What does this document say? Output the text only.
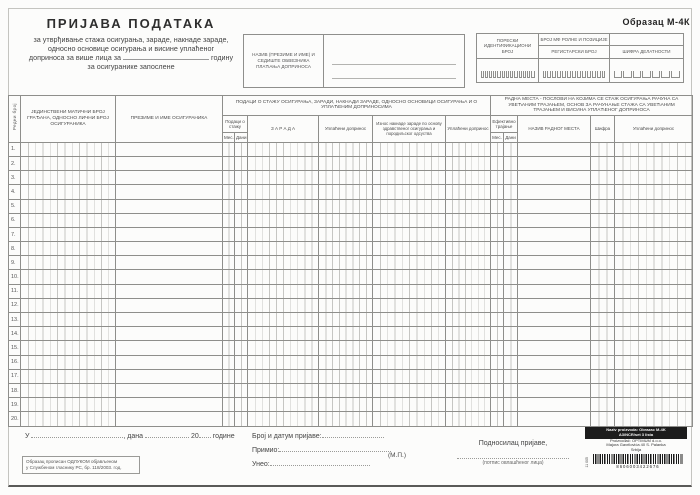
ПРИЈАВА ПОДАТАКА
за утврђивање стажа осигурања, зараде, накнаде зараде,
односно основице осигурања и висине уплаћеног
доприноса за више лица за	годину
за осигуранике запослене
НАЗИВ (ПРЕЗИМЕ И ИМЕ) И СЕДИШТЕ ОБВЕЗНИКА ПЛАЋАЊА ДОПРИНОСА
Образац М-4К
ПОРЕСКИ ИДЕНТИФИКАЦИОНИ БРОЈ
БРОЈ МФ РОЛНЕ И ПОЗИЦИЈЕ
РЕГИСТАРСКИ БРОЈ	ШИФРА ДЕЛАТНОСТИ
Редни број	ЈЕДИНСТВЕНИ МАТИЧНИ БРОЈ ГРАЂАНА, ОДНОСНО ЛИЧНИ БРОЈ ОСИГУРАНИКА	ПРЕЗИМЕ И ИМЕ ОСИГУРАНИКА	ПОДАЦИ О СТАЖУ ОСИГУРАЊА, ЗАРАДИ, НАКНАДИ ЗАРАДЕ, ОДНОСНО ОСНОВИЦИ ОСИГУРАЊА И О УПЛАЋЕНИМ ДОПРИНОСИМА						РАДНА МЕСТА - ПОСЛОВИ НА КОЈИМА СЕ СТАЖ ОСИГУРАЊА РАЧУНА СА УВЕЋАНИМ ТРАЈАЊЕМ, ОСНОВ ЗА РАЧУНАЊЕ СТАЖА СА УВЕЋАНИМ ТРАЈАЊЕМ И ВИСИНА УПЛАЋЕНОГ ДОПРИНОСА				
			Подаци о стажу		З А Р А Д А	Уплаћени допринос	Износ накнаде зараде по основу здравственог осигурања и породиљског одсуства	Уплаћени допринос	Ефективно трајање		НАЗИВ РАДНОГ МЕСТА	Шифра	Уплаћени допринос
			Мес.	Дани					Мес.	Дани			
1.													
2.													
3.													
4.													
5.													
6.													
7.													
8.													
9.													
10.													
11.													
12.													
13.													
14.													
15.													
16.													
17.													
18.													
19.													
20.													
У	, дана	20 године
Образац прописан ОДЛУКОМ објављеном
у Службеном гласнику РС, бр. 118/2003. год.
Број и датум пријаве:
Примио:
Унео:
(М.П.)
Подносилац пријаве,
(потпис овлашћеног лица)
Naziv proizvoda: Obrazac M-4K
A3/NCR/set 3 lista
Proizvođač: OPTIMUM d.o.o.
Majora Gavrilovića 40 S. Palanka
Srbija
11 005	8606003422676
